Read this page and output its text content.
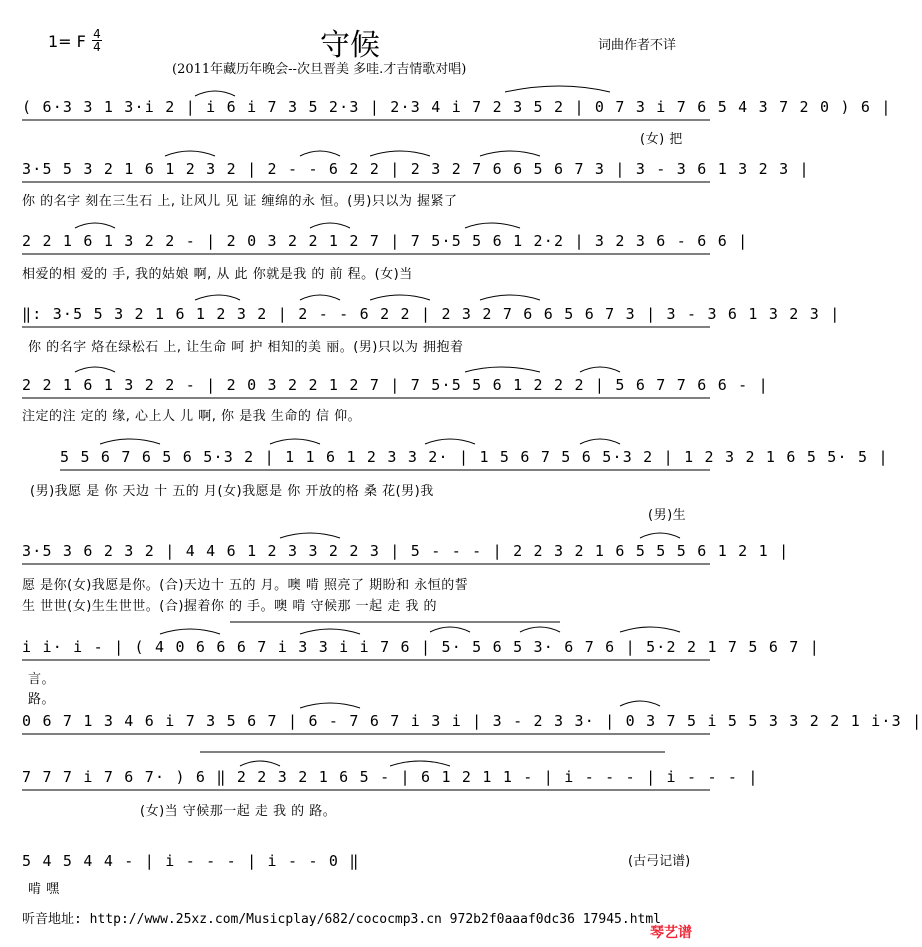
1= F 4
4	守候	词曲作者不详
(2011年藏历年晚会--次旦晋美 多哇.才吉情歌对唱)
( 6·3 3 1 3·i 2 | i 6 i 7 3 5 2·3 | 2·3 4 i 7 2 3 5 2 | 0 7 3 i 7 6 5 4 3 7 2 0 ) 6 |
(女) 把
3·5 5 3 2 1 6 1 2 3 2 | 2 - - 6 2 2 | 2 3 2 7 6 6 5 6 7 3 | 3 - 3 6 1 3 2 3 |
你 的名字 刻在三生石 上, 让风儿 见 证 缠绵的永 恒。(男)只以为 握紧了
2 2 1 6 1 3 2 2 - | 2 0 3 2 2 1 2 7 | 7 5·5 5 6 1 2·2 | 3 2 3 6 - 6 6 |
相爱的相 爱的 手, 我的姑娘 啊, 从 此 你就是我 的 前 程。(女)当
‖: 3·5 5 3 2 1 6 1 2 3 2 | 2 - - 6 2 2 | 2 3 2 7 6 6 5 6 7 3 | 3 - 3 6 1 3 2 3 |
你 的名字 烙在绿松石 上, 让生命 呵 护 相知的美 丽。(男)只以为 拥抱着
2 2 1 6 1 3 2 2 - | 2 0 3 2 2 1 2 7 | 7 5·5 5 6 1 2 2 2 | 5 6 7 7 6 6 - |
注定的注 定的 缘, 心上人 儿 啊, 你 是我 生命的 信 仰。
5 5 6 7 6 5 6 5·3 2 | 1 1 6 1 2 3 3 2· | 1 5 6 7 5 6 5·3 2 | 1 2 3 2 1 6 5 5· 5 |
(男)我愿 是 你 天边 十 五的 月(女)我愿是 你 开放的格 桑 花(男)我
(男)生
3·5 3 6 2 3 2 | 4 4 6 1 2 3 3 2 2 3 | 5 - - - | 2 2 3 2 1 6 5 5 5 6 1 2 1 |
愿 是你(女)我愿是你。(合)天边十 五的 月。噢 啃 照亮了 期盼和 永恒的誓
生 世世(女)生生世世。(合)握着你 的 手。噢 啃 守候那 一起 走 我 的
i i· i - | ( 4 0 6 6 6 7 i 3 3 i i 7 6 | 5· 5 6 5 3· 6 7 6 | 5·2 2 1 7 5 6 7 |
言。
路。
0 6 7 1 3 4 6 i 7 3 5 6 7 | 6 - 7 6 7 i 3 i | 3 - 2 3 3· | 0 3 7 5 i 5 5 3 3 2 2 1 i·3 |
7 7 7 i 7 6 7· ) 6 ‖ 2 2 3 2 1 6 5 - | 6 1 2 1 1 - | i - - - | i - - - |
(女)当 守候那一起 走 我 的 路。
5 4 5 4 4 - | i - - - | i - - 0 ‖
啃 嘿
(古弓记谱)
听音地址: http://www.25xz.com/Musicplay/682/cococmp3.cn 972b2f0aaaf0dc36 17945.html
琴艺谱
